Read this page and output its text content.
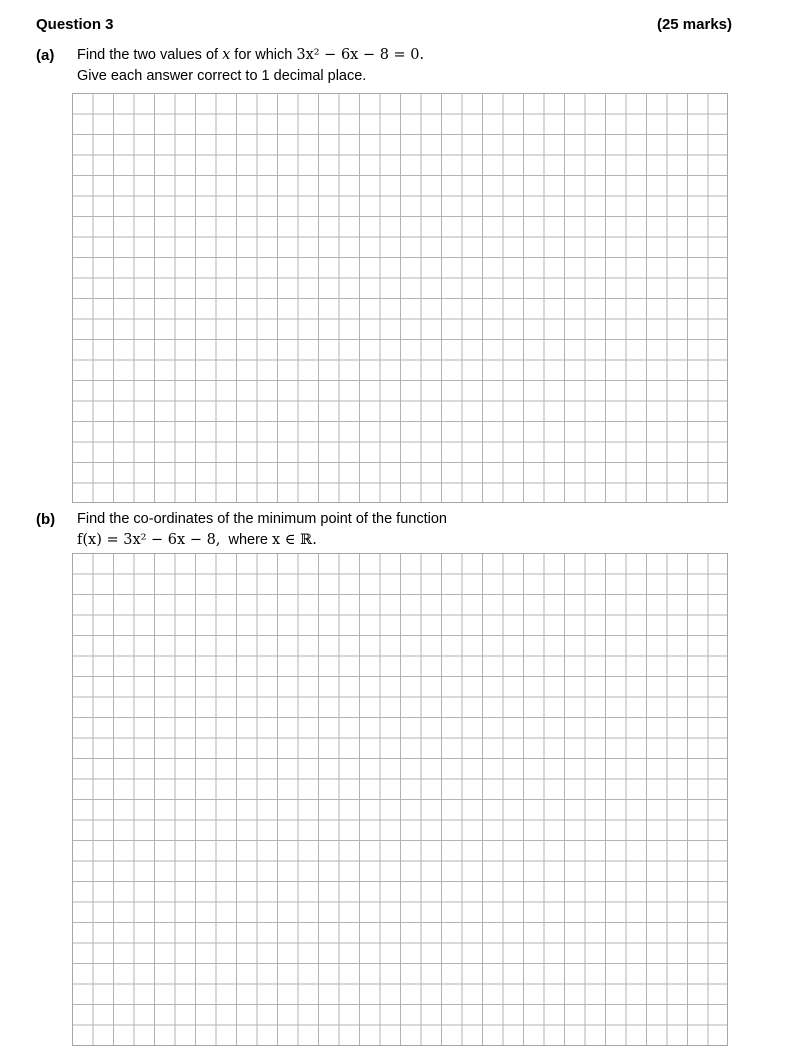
Question 3	(25 marks)
(a) Find the two values of x for which 3x² − 6x − 8 = 0.
Give each answer correct to 1 decimal place.
(b) Find the co-ordinates of the minimum point of the function
f(x) = 3x² − 6x − 8,  where x ∈ ℝ.
